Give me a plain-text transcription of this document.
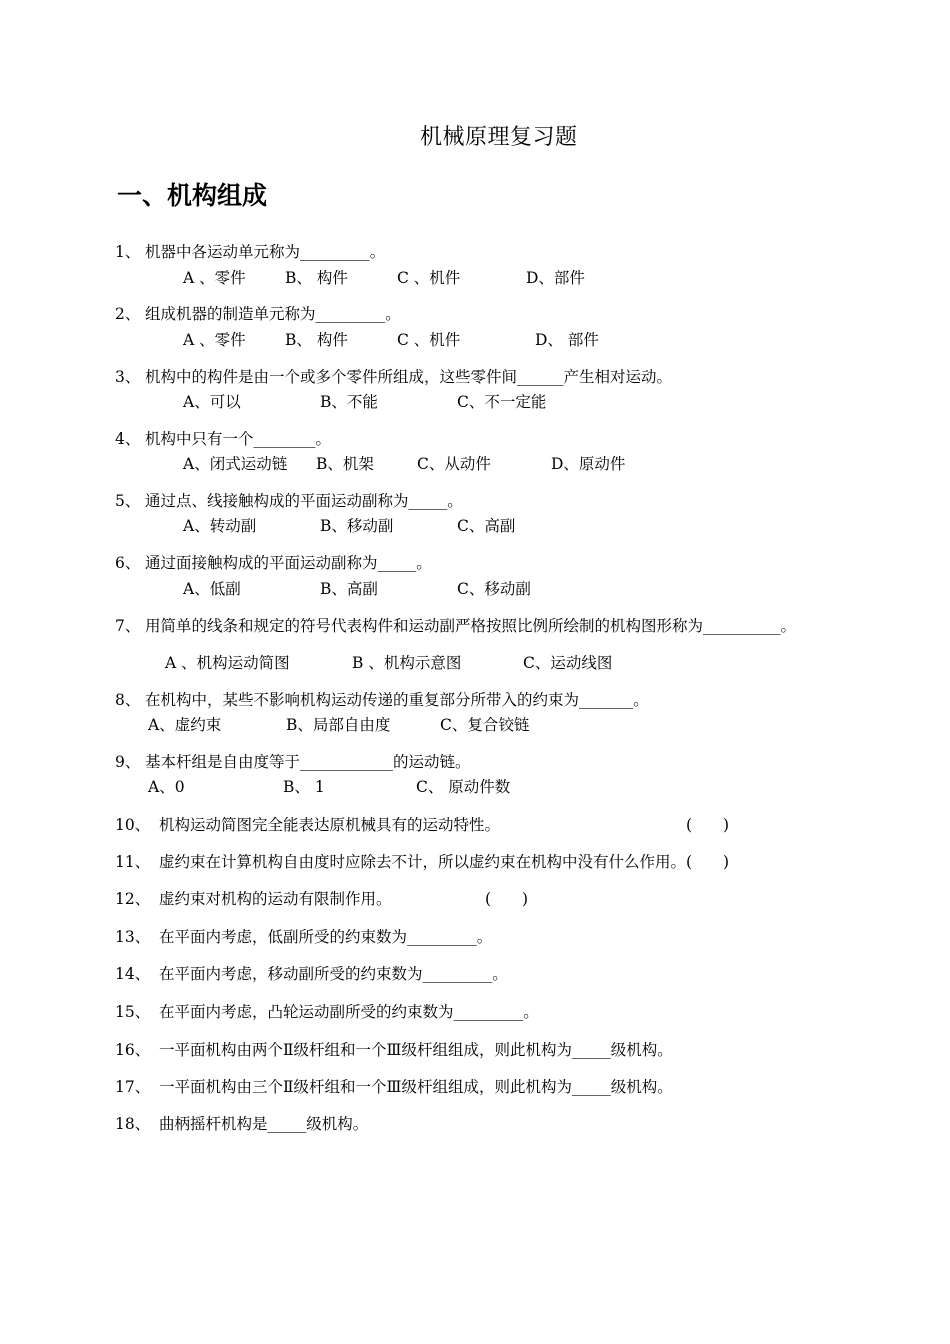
机械原理复习题
一、机构组成
1、 机器中各运动单元称为_________。
A 、零件	B、 构件	C 、机件	D、部件
2、 组成机器的制造单元称为_________。
A 、零件	B、 构件	C 、机件	D、 部件
3、 机构中的构件是由一个或多个零件所组成，这些零件间______产生相对运动。
A、可以	B、不能	C、不一定能
4、 机构中只有一个________。
A、闭式运动链 B、机架	C、从动件	D、原动件
5、 通过点、线接触构成的平面运动副称为_____。
A、转动副	B、移动副	C、高副
6、 通过面接触构成的平面运动副称为_____。
A、低副	B、高副	C、移动副
7、 用简单的线条和规定的符号代表构件和运动副严格按照比例所绘制的机构图形称为__________。
A 、机构运动简图	B 、机构示意图	C、运动线图
8、 在机构中，某些不影响机构运动传递的重复部分所带入的约束为_______。
A、虚约束	B、局部自由度	C、复合铰链
9、 基本杆组是自由度等于____________的运动链。
A、0	B、 1	C、 原动件数
10、 机构运动简图完全能表达原机械具有的运动特性。	(　　)
11、 虚约束在计算机构自由度时应除去不计，所以虚约束在机构中没有什么作用。(　　)
12、 虚约束对机构的运动有限制作用。	(　　)
13、 在平面内考虑，低副所受的约束数为_________。
14、 在平面内考虑，移动副所受的约束数为_________。
15、 在平面内考虑，凸轮运动副所受的约束数为_________。
16、 一平面机构由两个Ⅱ级杆组和一个Ⅲ级杆组组成，则此机构为_____级机构。
17、 一平面机构由三个Ⅱ级杆组和一个Ⅲ级杆组组成，则此机构为_____级机构。
18、 曲柄摇杆机构是_____级机构。
